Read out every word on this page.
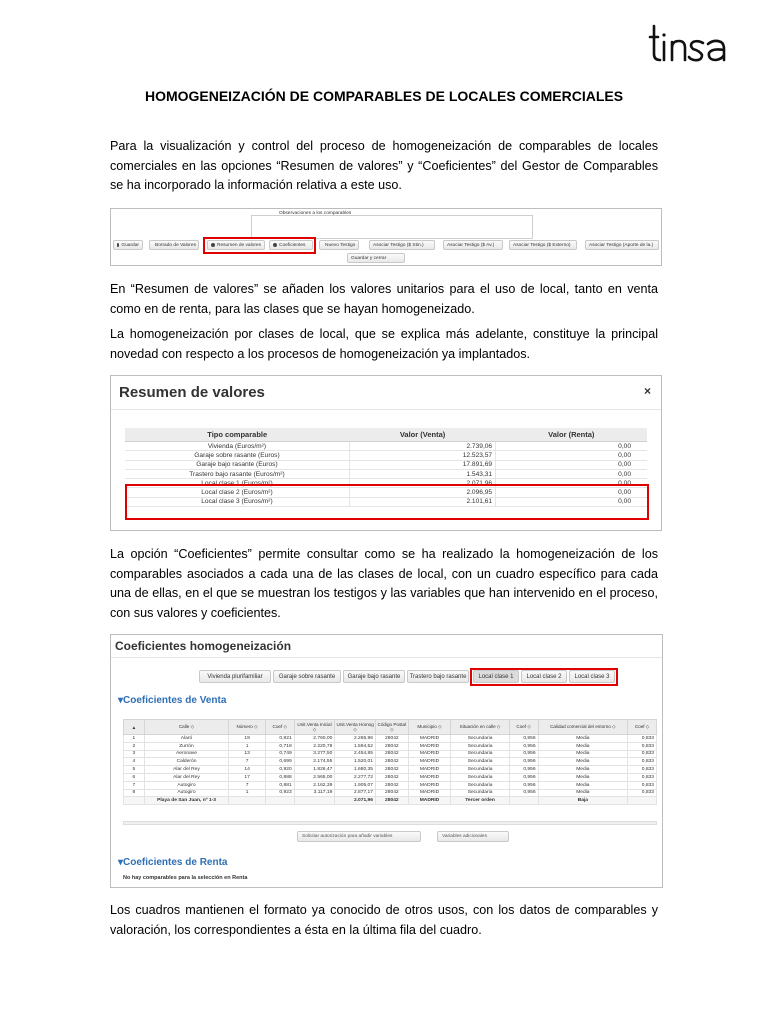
HOMOGENEIZACIÓN DE COMPARABLES DE LOCALES COMERCIALES
Para la visualización y control del proceso de homogeneización de comparables de locales comerciales en las opciones “Resumen de valores” y “Coeficientes” del Gestor de Comparables se ha incorporado la información relativa a este uso.
Observaciones a los comparables
Guardar	Borrado de Valores	Resumen de valores	Coeficientes	Nuevo Testigo	Asociar Testigo ($ Stin.)	Asociar Testigo ($ Av.)	Asociar Testigo ($ Externo)	Asociar Testigo (Aporte de la.)
Guardar y cerrar
En “Resumen de valores” se añaden los valores unitarios para el uso de local, tanto en venta como en de renta, para las clases que se hayan homogeneizado.
La homogeneización por clases de local, que se explica más adelante, constituye la principal novedad con respecto a los procesos de homogeneización ya implantados.
Resumen de valores	×
Tipo comparable	Valor (Venta)	Valor (Renta)
Vivienda (Euros/m²)	2.739,06	0,00
Garaje sobre rasante (Euros)	12.523,57	0,00
Garaje bajo rasante (Euros)	17.891,69	0,00
Trastero bajo rasante (Euros/m²)	1.543,31	0,00
Local clase 1 (Euros/m²)	2.071,96	0,00
Local clase 2 (Euros/m²)	2.096,95	0,00
Local clase 3 (Euros/m²)	2.101,61	0,00
La opción “Coeficientes” permite consultar como se ha realizado la homogeneización de los comparables asociados a cada una de las clases de local, con un cuadro específico para cada una de ellas, en el que se muestran los testigos y las variables que han intervenido en el proceso, con sus valores y coeficientes.
Coeficientes homogeneización
Vivienda plurifamiliar	Garaje sobre rasante	Garaje bajo rasante	Trastero bajo rasante	Local clase 1	Local clase 2	Local clase 3
▾Coeficientes de Venta
▲	Calle ◇	Número ◇	Coef ◇	Unit.Venta Inicial ◇	Unit.Venta Homog ◇	Código Postal ◇	Municipio ◇	Situación en calle ◇	Coef ◇	Calidad comercial del entorno ◇	Coef ◇
1	Alaró	19	0,821	2.760,00	2.265,96	28042	MADRID	Secundaria	0,956	Media	0,833
2	Zurrón	1	0,718	2.220,78	1.594,52	28042	MADRID	Secundaria	0,956	Media	0,833
3	Aeronave	13	0,749	3.277,50	2.454,85	28042	MADRID	Secundaria	0,956	Media	0,833
4	Calderón	7	0,699	2.174,55	1.520,01	28042	MADRID	Secundaria	0,956	Media	0,833
5	Alar del Rey	14	0,920	1.826,47	1.680,35	28042	MADRID	Secundaria	0,956	Media	0,833
6	Alar del Rey	17	0,888	2.565,00	2.277,72	28042	MADRID	Secundaria	0,956	Media	0,833
7	Autogiro	7	0,881	2.162,39	1.905,07	28042	MADRID	Secundaria	0,956	Media	0,833
8	Autogiro	1	0,923	3.117,19	2.877,17	28042	MADRID	Secundaria	0,956	Media	0,833
	Playa de San Juan, nº 1-3				2.071,96	28042	MADRID	Tercer orden		Baja	
Solicitar autorización para añadir variables	Variables adicionales
▾Coeficientes de Renta
No hay comparables para la selección en Renta
Los cuadros mantienen el formato ya conocido de otros usos, con los datos de comparables y valoración, los correspondientes a ésta en la última fila del cuadro.
